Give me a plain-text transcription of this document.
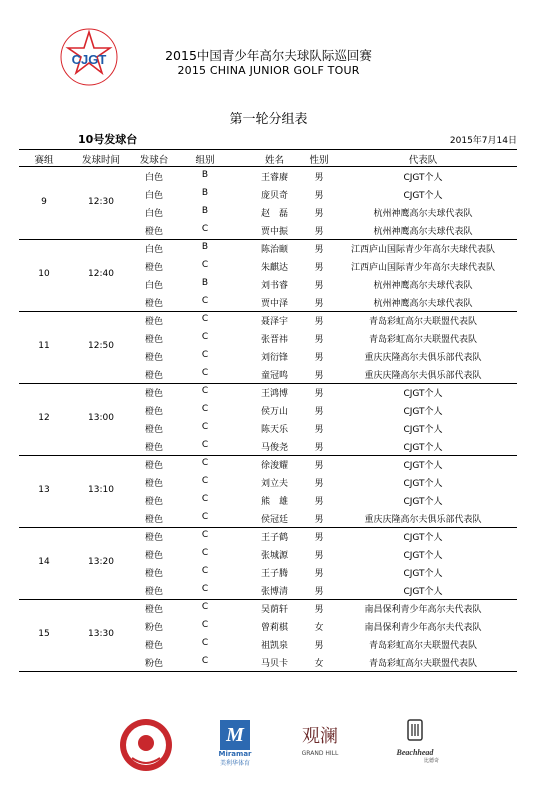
CJGT	2015中国青少年高尔夫球队际巡回赛
2015 CHINA JUNIOR GOLF TOUR
第一轮分组表
10号发球台	2015年7月14日
赛组	发球时间	发球台	组别	姓名	性别	代表队
白色	B	王睿赓	男	CJGT个人
白色	B	庞贝奇	男	CJGT个人
白色	B	赵　磊	男	杭州神鹰高尔夫球代表队
橙色	C	贾中振	男	杭州神鹰高尔夫球代表队
9	12:30
白色	B	陈治颐	男	江西庐山国际青少年高尔夫球代表队
橙色	C	朱麒达	男	江西庐山国际青少年高尔夫球代表队
白色	B	刘书睿	男	杭州神鹰高尔夫球代表队
橙色	C	贾中泽	男	杭州神鹰高尔夫球代表队
10	12:40
橙色	C	聂泽宇	男	青岛彩虹高尔夫联盟代表队
橙色	C	张晋祎	男	青岛彩虹高尔夫联盟代表队
橙色	C	刘衍锋	男	重庆庆隆高尔夫俱乐部代表队
橙色	C	童冠鸣	男	重庆庆隆高尔夫俱乐部代表队
11	12:50
橙色	C	王鸿博	男	CJGT个人
橙色	C	侯万山	男	CJGT个人
橙色	C	陈天乐	男	CJGT个人
橙色	C	马俊尧	男	CJGT个人
12	13:00
橙色	C	徐浚耀	男	CJGT个人
橙色	C	刘立夫	男	CJGT个人
橙色	C	熊　雄	男	CJGT个人
橙色	C	侯冠廷	男	重庆庆隆高尔夫俱乐部代表队
13	13:10
橙色	C	王子鹤	男	CJGT个人
橙色	C	张城源	男	CJGT个人
橙色	C	王子腾	男	CJGT个人
橙色	C	张博清	男	CJGT个人
14	13:20
橙色	C	吴荫轩	男	南昌保利青少年高尔夫代表队
粉色	C	曾莉棋	女	南昌保利青少年高尔夫代表队
橙色	C	祖凯泉	男	青岛彩虹高尔夫联盟代表队
粉色	C	马贝卡	女	青岛彩虹高尔夫联盟代表队
15	13:30
M
Miramar
美利华体育
观澜
GRAND HILL	Beachhead
比德奇
